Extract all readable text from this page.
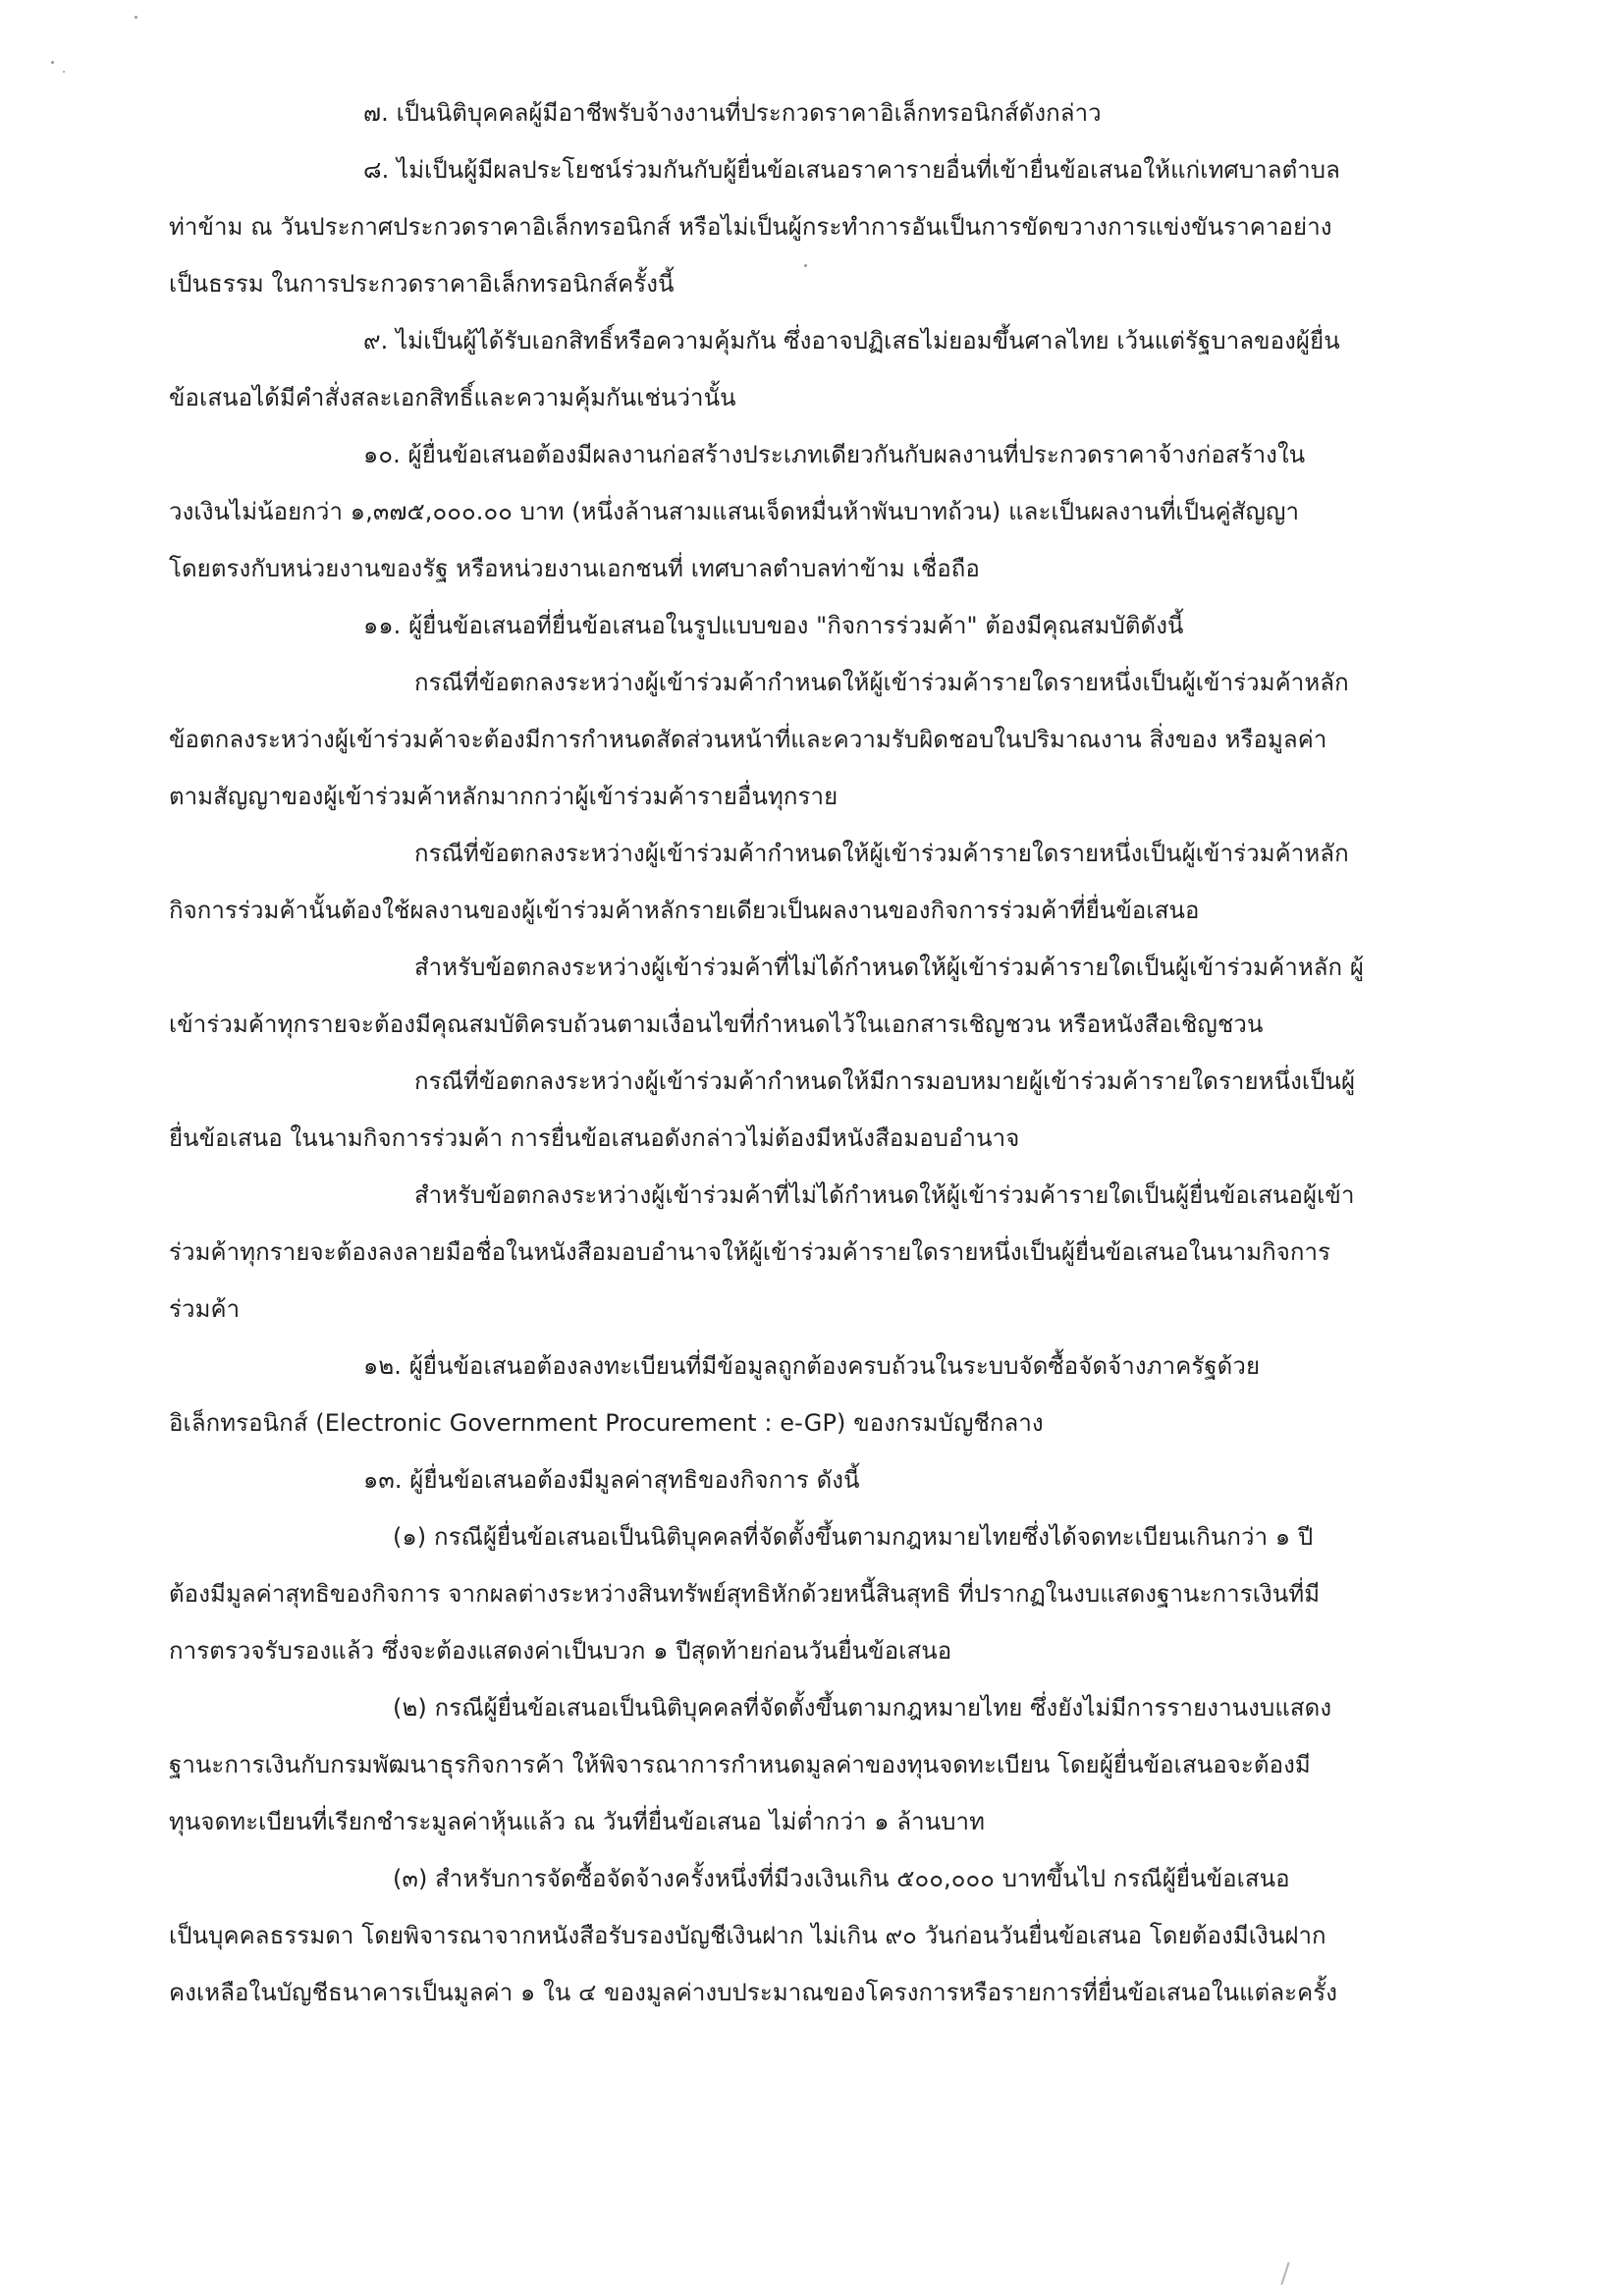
๗. เป็นนิติบุคคลผู้มีอาชีพรับจ้างงานที่ประกวดราคาอิเล็กทรอนิกส์ดังกล่าว
๘. ไม่เป็นผู้มีผลประโยชน์ร่วมกันกับผู้ยื่นข้อเสนอราคารายอื่นที่เข้ายื่นข้อเสนอให้แก่เทศบาลตำบล
ท่าข้าม ณ วันประกาศประกวดราคาอิเล็กทรอนิกส์ หรือไม่เป็นผู้กระทำการอันเป็นการขัดขวางการแข่งขันราคาอย่าง
เป็นธรรม ในการประกวดราคาอิเล็กทรอนิกส์ครั้งนี้
๙. ไม่เป็นผู้ได้รับเอกสิทธิ์หรือความคุ้มกัน ซึ่งอาจปฏิเสธไม่ยอมขึ้นศาลไทย เว้นแต่รัฐบาลของผู้ยื่น
ข้อเสนอได้มีคำสั่งสละเอกสิทธิ์และความคุ้มกันเช่นว่านั้น
๑๐. ผู้ยื่นข้อเสนอต้องมีผลงานก่อสร้างประเภทเดียวกันกับผลงานที่ประกวดราคาจ้างก่อสร้างใน
วงเงินไม่น้อยกว่า ๑,๓๗๕,๐๐๐.๐๐ บาท (หนึ่งล้านสามแสนเจ็ดหมื่นห้าพันบาทถ้วน) และเป็นผลงานที่เป็นคู่สัญญา
โดยตรงกับหน่วยงานของรัฐ หรือหน่วยงานเอกชนที่ เทศบาลตำบลท่าข้าม เชื่อถือ
๑๑. ผู้ยื่นข้อเสนอที่ยื่นข้อเสนอในรูปแบบของ "กิจการร่วมค้า" ต้องมีคุณสมบัติดังนี้
กรณีที่ข้อตกลงระหว่างผู้เข้าร่วมค้ากำหนดให้ผู้เข้าร่วมค้ารายใดรายหนึ่งเป็นผู้เข้าร่วมค้าหลัก
ข้อตกลงระหว่างผู้เข้าร่วมค้าจะต้องมีการกำหนดสัดส่วนหน้าที่และความรับผิดชอบในปริมาณงาน สิ่งของ หรือมูลค่า
ตามสัญญาของผู้เข้าร่วมค้าหลักมากกว่าผู้เข้าร่วมค้ารายอื่นทุกราย
กรณีที่ข้อตกลงระหว่างผู้เข้าร่วมค้ากำหนดให้ผู้เข้าร่วมค้ารายใดรายหนึ่งเป็นผู้เข้าร่วมค้าหลัก
กิจการร่วมค้านั้นต้องใช้ผลงานของผู้เข้าร่วมค้าหลักรายเดียวเป็นผลงานของกิจการร่วมค้าที่ยื่นข้อเสนอ
สำหรับข้อตกลงระหว่างผู้เข้าร่วมค้าที่ไม่ได้กำหนดให้ผู้เข้าร่วมค้ารายใดเป็นผู้เข้าร่วมค้าหลัก ผู้
เข้าร่วมค้าทุกรายจะต้องมีคุณสมบัติครบถ้วนตามเงื่อนไขที่กำหนดไว้ในเอกสารเชิญชวน หรือหนังสือเชิญชวน
กรณีที่ข้อตกลงระหว่างผู้เข้าร่วมค้ากำหนดให้มีการมอบหมายผู้เข้าร่วมค้ารายใดรายหนึ่งเป็นผู้
ยื่นข้อเสนอ ในนามกิจการร่วมค้า การยื่นข้อเสนอดังกล่าวไม่ต้องมีหนังสือมอบอำนาจ
สำหรับข้อตกลงระหว่างผู้เข้าร่วมค้าที่ไม่ได้กำหนดให้ผู้เข้าร่วมค้ารายใดเป็นผู้ยื่นข้อเสนอผู้เข้า
ร่วมค้าทุกรายจะต้องลงลายมือชื่อในหนังสือมอบอำนาจให้ผู้เข้าร่วมค้ารายใดรายหนึ่งเป็นผู้ยื่นข้อเสนอในนามกิจการ
ร่วมค้า
๑๒. ผู้ยื่นข้อเสนอต้องลงทะเบียนที่มีข้อมูลถูกต้องครบถ้วนในระบบจัดซื้อจัดจ้างภาครัฐด้วย
อิเล็กทรอนิกส์ (Electronic Government Procurement : e-GP) ของกรมบัญชีกลาง
๑๓. ผู้ยื่นข้อเสนอต้องมีมูลค่าสุทธิของกิจการ ดังนี้
(๑) กรณีผู้ยื่นข้อเสนอเป็นนิติบุคคลที่จัดตั้งขึ้นตามกฎหมายไทยซึ่งได้จดทะเบียนเกินกว่า ๑ ปี
ต้องมีมูลค่าสุทธิของกิจการ จากผลต่างระหว่างสินทรัพย์สุทธิหักด้วยหนี้สินสุทธิ ที่ปรากฏในงบแสดงฐานะการเงินที่มี
การตรวจรับรองแล้ว ซึ่งจะต้องแสดงค่าเป็นบวก ๑ ปีสุดท้ายก่อนวันยื่นข้อเสนอ
(๒) กรณีผู้ยื่นข้อเสนอเป็นนิติบุคคลที่จัดตั้งขึ้นตามกฎหมายไทย ซึ่งยังไม่มีการรายงานงบแสดง
ฐานะการเงินกับกรมพัฒนาธุรกิจการค้า ให้พิจารณาการกำหนดมูลค่าของทุนจดทะเบียน โดยผู้ยื่นข้อเสนอจะต้องมี
ทุนจดทะเบียนที่เรียกชำระมูลค่าหุ้นแล้ว ณ วันที่ยื่นข้อเสนอ ไม่ต่ำกว่า ๑ ล้านบาท
(๓) สำหรับการจัดซื้อจัดจ้างครั้งหนึ่งที่มีวงเงินเกิน ๕๐๐,๐๐๐ บาทขึ้นไป กรณีผู้ยื่นข้อเสนอ
เป็นบุคคลธรรมดา โดยพิจารณาจากหนังสือรับรองบัญชีเงินฝาก ไม่เกิน ๙๐ วันก่อนวันยื่นข้อเสนอ โดยต้องมีเงินฝาก
คงเหลือในบัญชีธนาคารเป็นมูลค่า ๑ ใน ๔ ของมูลค่างบประมาณของโครงการหรือรายการที่ยื่นข้อเสนอในแต่ละครั้ง
